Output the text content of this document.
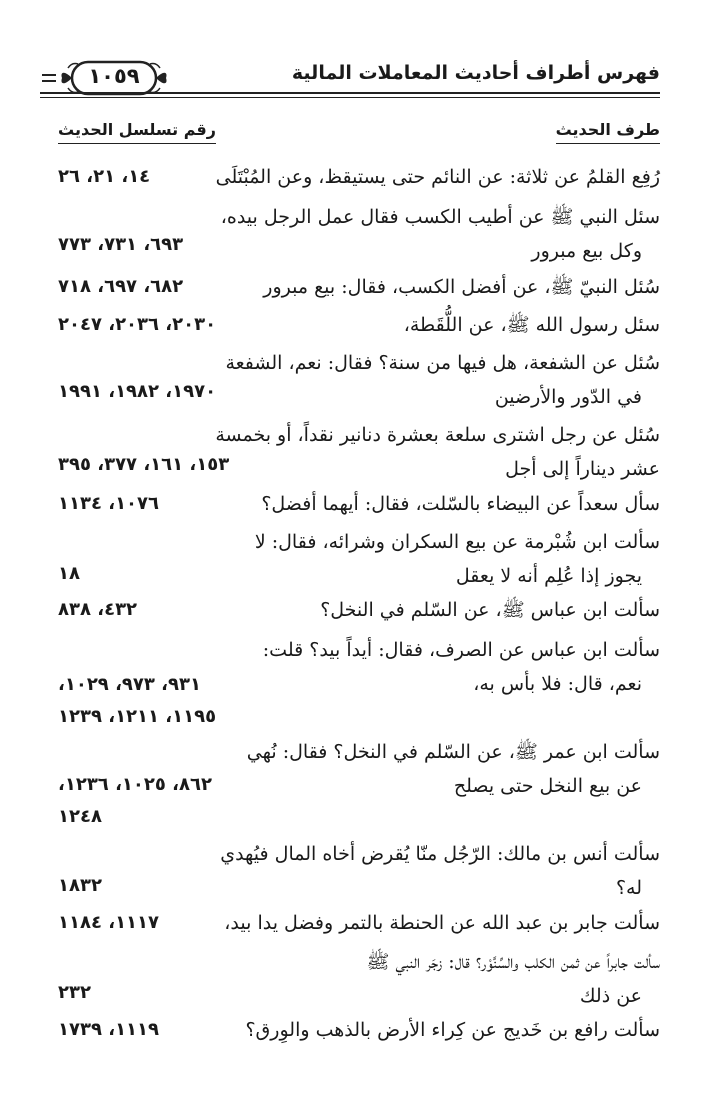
فهرس أطراف أحاديث المعاملات المالية
١٠٥٩
طرف الحديث
رقم تسلسل الحديث
رُفِع القلمُ عن ثلاثة: عن النائم حتى يستيقظ، وعن المُبْتَلَى
١٤، ٢١، ٢٦
سئل النبي ﷺ عن أطيب الكسب فقال عمل الرجل بيده،
وكل بيع مبرور
٦٩٣، ٧٣١، ٧٧٣
سُئل النبيّ ﷺ، عن أفضل الكسب، فقال: بيع مبرور
٦٨٢، ٦٩٧، ٧١٨
سئل رسول الله ﷺ، عن اللُّقَطة،
٢٠٣٠، ٢٠٣٦، ٢٠٤٧
سُئل عن الشفعة، هل فيها من سنة؟ فقال: نعم، الشفعة
في الدّور والأرضين
١٩٧٠، ١٩٨٢، ١٩٩١
سُئل عن رجل اشترى سلعة بعشرة دنانير نقداً، أو بخمسة
عشر ديناراً إلى أجل
١٥٣، ١٦١، ٣٧٧، ٣٩٥
سأل سعداً عن البيضاء بالسّلت، فقال: أيهما أفضل؟
١٠٧٦، ١١٣٤
سألت ابن شُبْرمة عن بيع السكران وشرائه، فقال: لا
يجوز إذا عُلِم أنه لا يعقل
١٨
سألت ابن عباس ﷺ، عن السّلم في النخل؟
٤٣٢، ٨٣٨
سألت ابن عباس عن الصرف، فقال: أيداً بيد؟ قلت:
نعم، قال: فلا بأس به،
٩٣١، ٩٧٣، ١٠٢٩،
١١٩٥، ١٢١١، ١٢٣٩
سألت ابن عمر ﷺ، عن السّلم في النخل؟ فقال: نُهي
عن بيع النخل حتى يصلح
٨٦٢، ١٠٢٥، ١٢٣٦،
١٢٤٨
سألت أنس بن مالك: الرّجُل منّا يُقرض أخاه المال فيُهدي
له؟
١٨٣٢
سألت جابر بن عبد الله عن الحنطة بالتمر وفضل يدا بيد،
١١١٧، ١١٨٤
سألت جابراً عن ثمن الكلب والسِّنَّوْر؟ قال: زجَر النبي ﷺ
عن ذلك
٢٣٢
سألت رافع بن خَديج عن كِراء الأرض بالذهب والوِرق؟
١١١٩، ١٧٣٩
